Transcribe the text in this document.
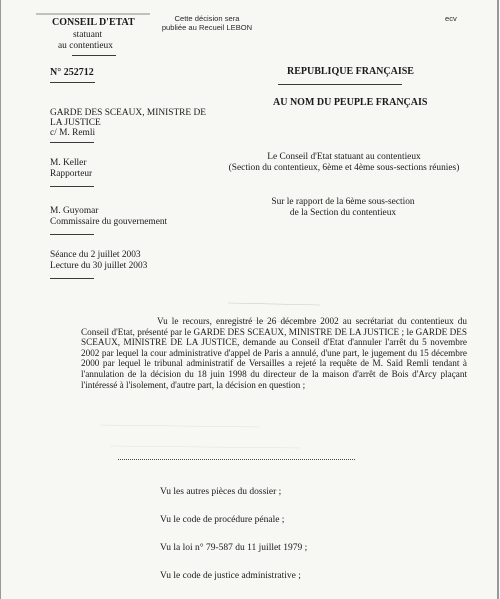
Cette décision sera
publiée au Recueil LEBON
ecv
CONSEIL D'ETAT
statuant
au contentieux
N° 252712	REPUBLIQUE FRANÇAISE
AU NOM DU PEUPLE FRANÇAIS
GARDE DES SCEAUX, MINISTRE DE
LA JUSTICE
c/ M. Remli
M. Keller
Rapporteur
M. Guyomar
Commissaire du gouvernement
Séance du 2 juillet 2003
Lecture du 30 juillet 2003
Le Conseil d'Etat statuant au contentieux
(Section du contentieux, 6ème et 4ème sous-sections réunies)
Sur le rapport de la 6ème sous-section
de la Section du contentieux
Vu le recours, enregistré le 26 décembre 2002 au secrétariat du contentieux du Conseil d'Etat, présenté par le GARDE DES SCEAUX, MINISTRE DE LA JUSTICE ; le GARDE DES SCEAUX, MINISTRE DE LA JUSTICE, demande au Conseil d'Etat d'annuler l'arrêt du 5 novembre 2002 par lequel la cour administrative d'appel de Paris a annulé, d'une part, le jugement du 15 décembre 2000 par lequel le tribunal administratif de Versailles a rejeté la requête de M. Saïd Remli tendant à l'annulation de la décision du 18 juin 1998 du directeur de la maison d'arrêt de Bois d'Arcy plaçant l'intéressé à l'isolement, d'autre part, la décision en question ;
Vu les autres pièces du dossier ;
Vu le code de procédure pénale ;
Vu la loi n° 79-587 du 11 juillet 1979 ;
Vu le code de justice administrative ;
